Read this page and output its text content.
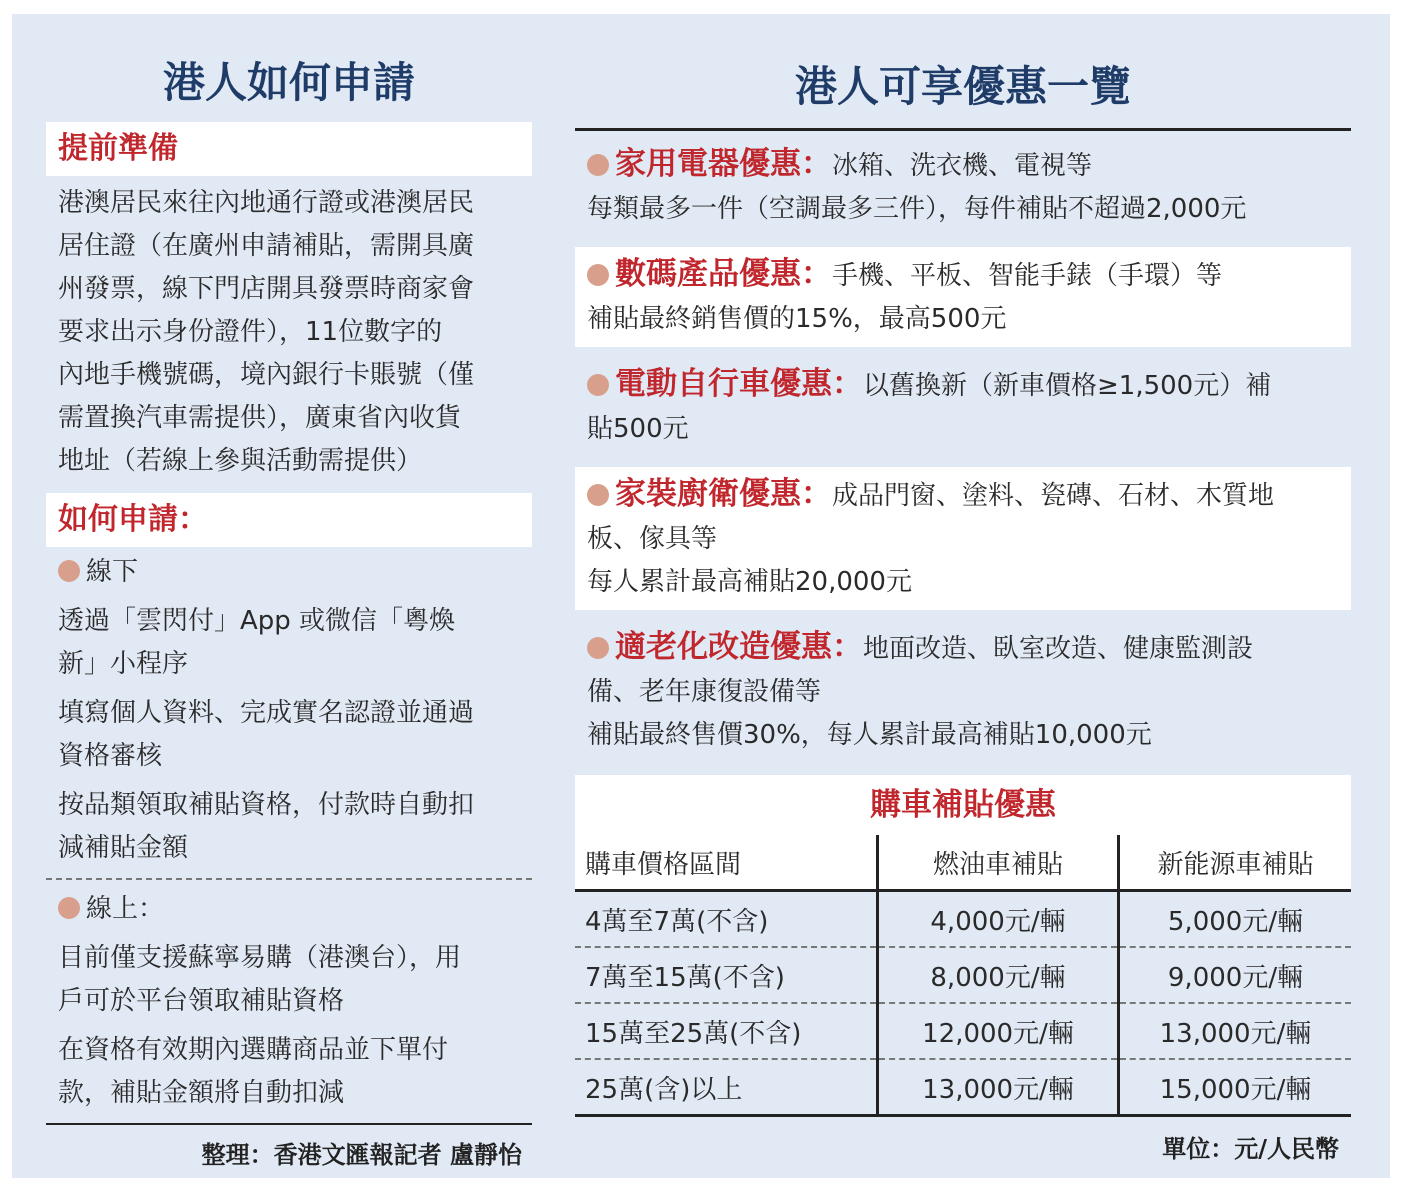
港人如何申請
提前準備

港澳居民來往內地通行證或港澳居民

居住證（在廣州申請補貼，需開具廣

州發票，線下門店開具發票時商家會

要求出示身份證件），11位數字的

內地手機號碼，境內銀行卡賬號（僅

需置換汽車需提供），廣東省內收貨

地址（若線上參與活動需提供）

如何申請：

線下

透過「雲閃付」App 或微信「粵煥

新」小程序

填寫個人資料、完成實名認證並通過

資格審核

按品類領取補貼資格，付款時自動扣

減補貼金額

線上：

目前僅支援蘇寧易購（港澳台），用

戶可於平台領取補貼資格

在資格有效期內選購商品並下單付

款，補貼金額將自動扣減

整理：香港文匯報記者 盧靜怡
港人可享優惠一覽
家用電器優惠：冰箱、洗衣機、電視等
每類最多一件（空調最多三件），每件補貼不超過2,000元
數碼產品優惠：手機、平板、智能手錶（手環）等
補貼最終銷售價的15%，最高500元
電動自行車優惠：以舊換新（新車價格≥1,500元）補
貼500元
家裝廚衛優惠：成品門窗、塗料、瓷磚、石材、木質地
板、傢具等
每人累計最高補貼20,000元
適老化改造優惠：地面改造、臥室改造、健康監測設
備、老年康復設備等
補貼最終售價30%，每人累計最高補貼10,000元
購車補貼優惠
購車價格區間	燃油車補貼	新能源車補貼
4萬至7萬(不含)	4,000元/輛	5,000元/輛
7萬至15萬(不含)	8,000元/輛	9,000元/輛
15萬至25萬(不含)	12,000元/輛	13,000元/輛
25萬(含)以上	13,000元/輛	15,000元/輛
單位：元/人民幣
